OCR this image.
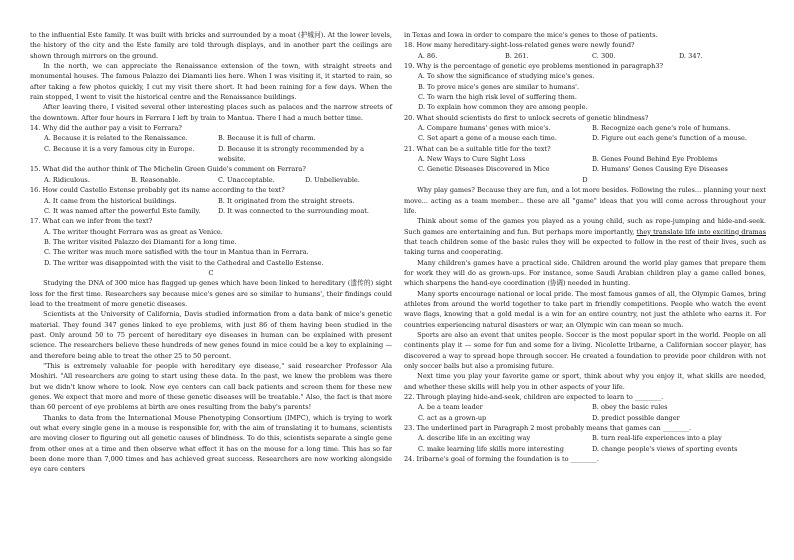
to the influential Este family. It was built with bricks and surrounded by a moat (护城河). At the lower levels, the history of the city and the Este family are told through displays, and in another part the ceilings are shown through mirrors on the ground.

In the north, we can appreciate the Renaissance extension of the town, with straight streets and monumental houses. The famous Palazzo dei Diamanti lies here. When I was visiting it, it started to rain, so after taking a few photos quickly, I cut my visit there short. It had been raining for a few days. When the rain stopped, I went to visit the historical centre and the Renaissance buildings.

After leaving there, I visited several other interesting places such as palaces and the narrow streets of the downtown. After four hours in Ferrara I left by train to Mantua. There I had a much better time.

14. Why did the author pay a visit to Ferrara?

A. Because it is related to the Renaissance.	B. Because it is full of charm.
C. Because it is a very famous city in Europe.	D. Because it is strongly recommended by a website.

15. What did the author think of The Michelin Green Guide's comment on Ferrara?

A. Ridiculous.	B. Reasonable.	C. Unacceptable.	D. Unbelievable.

16. How could Castello Estense probably get its name according to the text?

A. It came from the historical buildings.	B. It originated from the straight streets.
C. It was named after the powerful Este family.	D. It was connected to the surrounding moat.

17. What can we infer from the text?

A. The writer thought Ferrara was as great as Venice.
B. The writer visited Palazzo dei Diamanti for a long time.
C. The writer was much more satisfied with the tour in Mantua than in Ferrara.
D. The writer was disappointed with the visit to the Cathedral and Castello Estense.

C

Studying the DNA of 300 mice has flagged up genes which have been linked to hereditary (遗传的) sight loss for the first time. Researchers say because mice's genes are so similar to humans', their findings could lead to the treatment of more genetic diseases.

Scientists at the University of California, Davis studied information from a data bank of mice's genetic material. They found 347 genes linked to eye problems, with just 86 of them having been studied in the past. Only around 50 to 75 percent of hereditary eye diseases in human can be explained with present science. The researchers believe these hundreds of new genes found in mice could be a key to explaining — and therefore being able to treat the other 25 to 50 percent.

"This is extremely valuable for people with hereditary eye disease," said researcher Professor Ala Moshiri. "All researchers are going to start using these data. In the past, we knew the problem was there but we didn't know where to look. Now eye centers can call back patients and screen them for these new genes. We expect that more and more of these genetic diseases will be treatable." Also, the fact is that more than 60 percent of eye problems at birth are ones resulting from the baby's parents!

Thanks to data from the International Mouse Phenotyping Consortium (IMPC), which is trying to work out what every single gene in a mouse is responsible for, with the aim of translating it to humans, scientists are moving closer to figuring out all genetic causes of blindness. To do this, scientists separate a single gene from other ones at a time and then observe what effect it has on the mouse for a long time. This has so far been done more than 7,000 times and has achieved great success. Researchers are now working alongside eye care centers

in Texas and Iowa in order to compare the mice's genes to those of patients.

18. How many hereditary-sight-loss-related genes were newly found?

A. 86.	B. 261.	C. 300.	D. 347.

19. Why is the percentage of genetic eye problems mentioned in paragraph3?

A. To show the significance of studying mice's genes.
B. To prove mice's genes are similar to humans'.
C. To warn the high risk level of suffering them.
D. To explain how common they are among people.

20. What should scientists do first to unlock secrets of genetic blindness?

A. Compare humans' genes with mice's.	B. Recognize each gene's role of humans.
C. Set apart a gene of a mouse each time.	D. Figure out each gene's function of a mouse.

21. What can be a suitable title for the text?

A. New Ways to Cure Sight Loss	B. Genes Found Behind Eye Problems
C. Genetic Diseases Discovered in Mice	D. Humans' Genes Causing Eye Diseases

D

Why play games? Because they are fun, and a lot more besides. Following the rules... planning your next move... acting as a team member... these are all "game" ideas that you will come across throughout your life.

Think about some of the games you played as a young child, such as rope-jumping and hide-and-seek. Such games are entertaining and fun. But perhaps more importantly, they translate life into exciting dramas that teach children some of the basic rules they will be expected to follow in the rest of their lives, such as taking turns and cooperating.

Many children's games have a practical side. Children around the world play games that prepare them for work they will do as grown-ups. For instance, some Saudi Arabian children play a game called bones, which sharpens the hand-eye coordination (协调) needed in hunting.

Many sports encourage national or local pride. The most famous games of all, the Olympic Games, bring athletes from around the world together to take part in friendly competitions. People who watch the event wave flags, knowing that a gold medal is a win for an entire country, not just the athlete who earns it. For countries experiencing natural disasters or war, an Olympic win can mean so much.

Sports are also an event that unites people. Soccer is the most popular sport in the world. People on all continents play it — some for fun and some for a living. Nicolette Iribarne, a Californian soccer player, has discovered a way to spread hope through soccer. He created a foundation to provide poor children with not only soccer balls but also a promising future.

Next time you play your favorite game or sport, think about why you enjoy it, what skills are needed, and whether these skills will help you in other aspects of your life.

22. Through playing hide-and-seek, children are expected to learn to ________.

A. be a team leader	B. obey the basic rules
C. act as a grown-up	D. predict possible danger

23. The underlined part in Paragraph 2 most probably means that games can ________.

A. describe life in an exciting way	B. turn real-life experiences into a play
C. make learning life skills more interesting	D. change people's views of sporting events

24. Iribarne's goal of forming the foundation is to ________.
